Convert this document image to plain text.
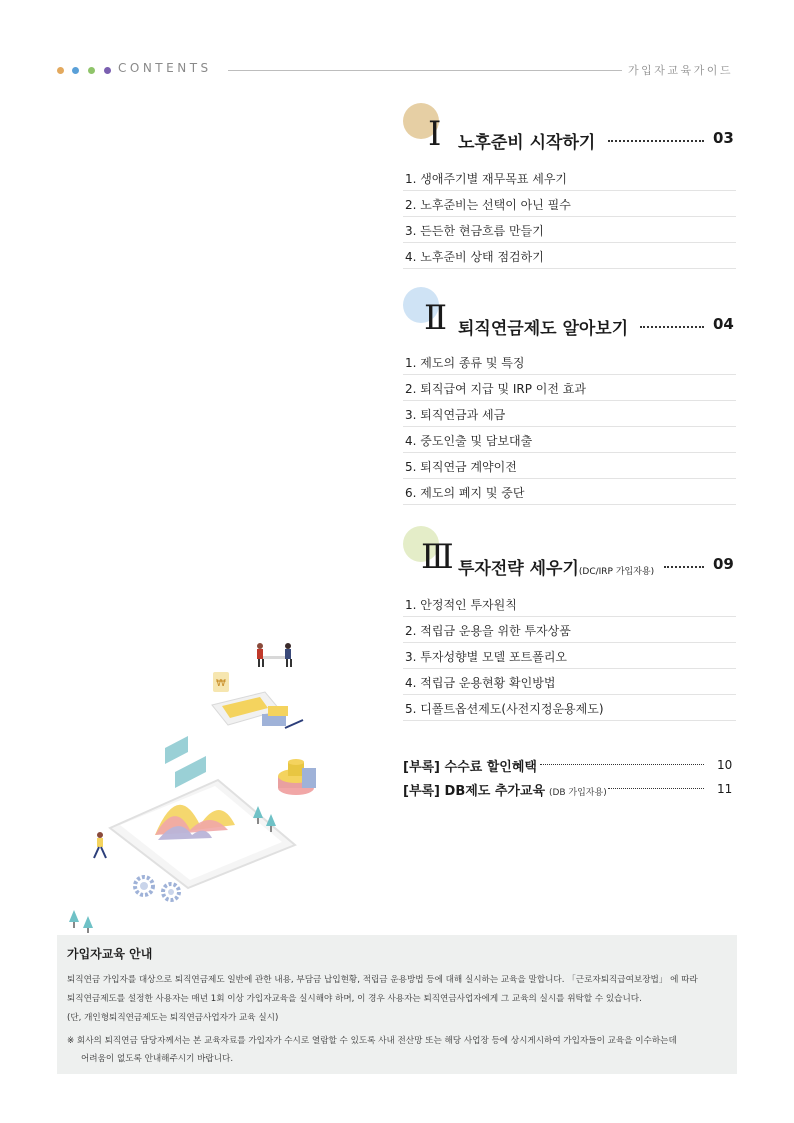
CONTENTS	가입자교육가이드
Ⅰ 노후준비 시작하기	03
1. 생애주기별 재무목표 세우기
2. 노후준비는 선택이 아닌 필수
3. 든든한 현금흐름 만들기
4. 노후준비 상태 점검하기
Ⅱ 퇴직연금제도 알아보기	04
1. 제도의 종류 및 특징
2. 퇴직급여 지급 및 IRP 이전 효과
3. 퇴직연금과 세금
4. 중도인출 및 담보대출
5. 퇴직연금 계약이전
6. 제도의 폐지 및 중단
Ⅲ 투자전략 세우기(DC/IRP 가입자용)	09
1. 안정적인 투자원칙
2. 적립금 운용을 위한 투자상품
3. 투자성향별 모델 포트폴리오
4. 적립금 운용현황 확인방법
5. 디폴트옵션제도(사전지정운용제도)
[부록] 수수료 할인혜택	10
[부록] DB제도 추가교육 (DB 가입자용)	11
₩
가입자교육 안내
퇴직연금 가입자를 대상으로 퇴직연금제도 일반에 관한 내용, 부담금 납입현황, 적립금 운용방법 등에 대해 실시하는 교육을 말합니다. 「근로자퇴직급여보장법」 에 따라
퇴직연금제도를 설정한 사용자는 매년 1회 이상 가입자교육을 실시해야 하며, 이 경우 사용자는 퇴직연금사업자에게 그 교육의 실시를 위탁할 수 있습니다.
(단, 개인형퇴직연금제도는 퇴직연금사업자가 교육 실시)
※ 회사의 퇴직연금 담당자께서는 본 교육자료를 가입자가 수시로 열람할 수 있도록 사내 전산망 또는 해당 사업장 등에 상시게시하여 가입자들이 교육을 이수하는데
어려움이 없도록 안내해주시기 바랍니다.
